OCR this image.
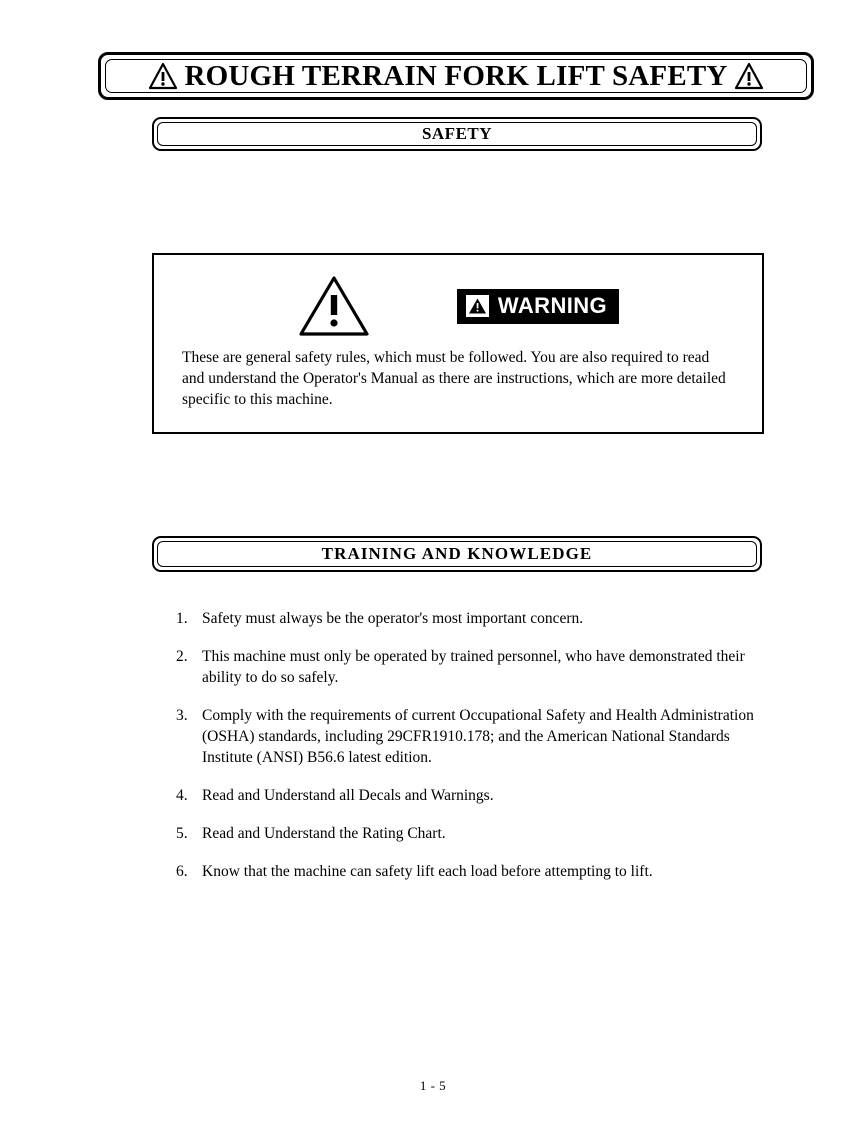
ROUGH TERRAIN FORK LIFT SAFETY
SAFETY
WARNING
These are general safety rules, which must be followed. You are also required to read and understand the Operator's Manual as there are instructions, which are more detailed specific to this machine.
TRAINING AND KNOWLEDGE
1. Safety must always be the operator's most important concern.
2. This machine must only be operated by trained personnel, who have demonstrated their ability to do so safely.
3. Comply with the requirements of current Occupational Safety and Health Administration (OSHA) standards, including 29CFR1910.178; and the American National Standards Institute (ANSI) B56.6 latest edition.
4. Read and Understand all Decals and Warnings.
5. Read and Understand the Rating Chart.
6. Know that the machine can safety lift each load before attempting to lift.
1 - 5
